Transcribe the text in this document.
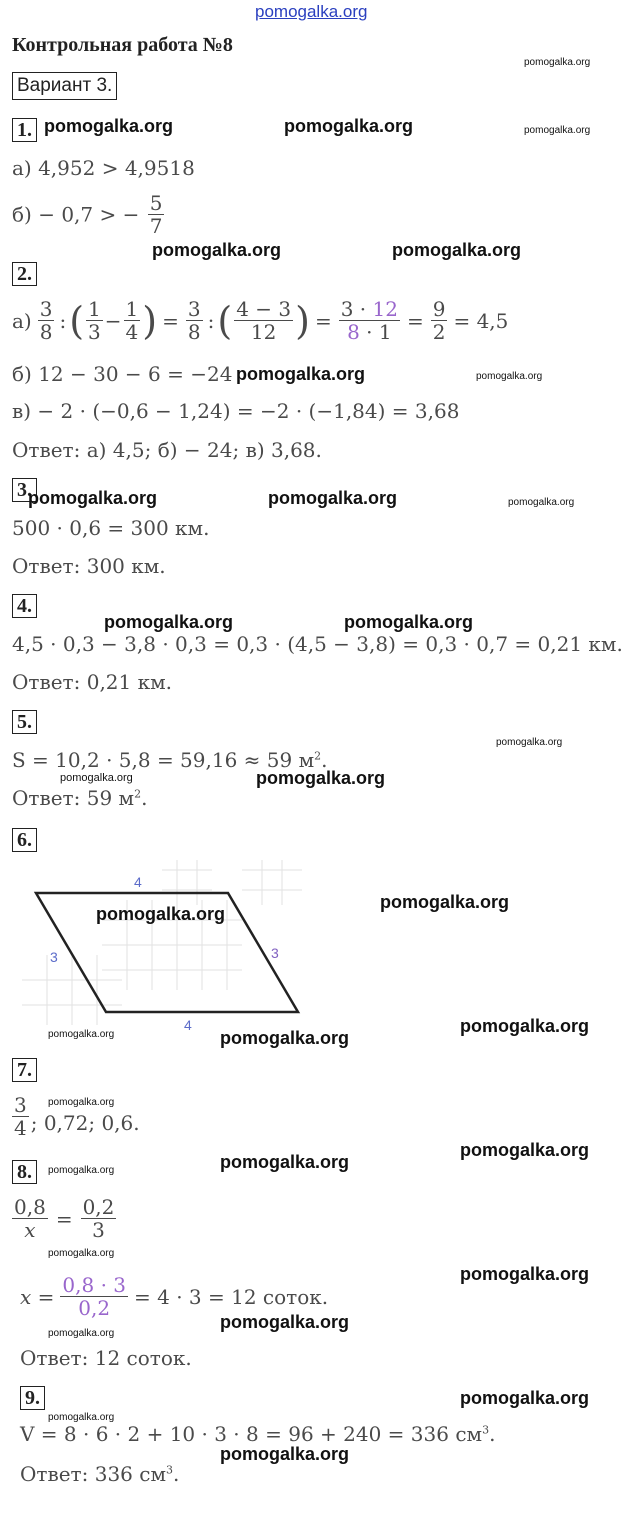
pomogalka.org
Контрольная работа №8
pomogalka.org
Вариант 3.
1. pomogalka.org	pomogalka.org	pomogalka.org
а) 4,952 > 4,9518
б) − 0,7 > − $\frac{5}{7}$
pomogalka.org	pomogalka.org
2.
$а) \frac{3}{8}$ : ( $\frac{1}{3} - \frac{1}{4}$ ) = $\frac{3}{8}$ : ( $\frac{4 - 3}{12}$ ) = $\frac{3 \cdot 12}{8 \cdot 1} = \frac{9}{2} = 4,5$
б) 12 − 30 − 6 = −24 pomogalka.org	pomogalka.org
в) − 2 · (−0,6 − 1,24) = −2 · (−1,84) = 3,68
Ответ: а) 4,5; б) − 24; в) 3,68.
3.
pomogalka.org	pomogalka.org	pomogalka.org
500 · 0,6 = 300 км.
Ответ: 300 км.
4.
pomogalka.org	pomogalka.org
4,5 · 0,3 − 3,8 · 0,3 = 0,3 · (4,5 − 3,8) = 0,3 · 0,7 = 0,21 км.
Ответ: 0,21 км.
5.
pomogalka.org
S = 10,2 · 5,8 = 59,16 ≈ 59 $м^2$.
pomogalka.org	pomogalka.org
Ответ: 59 $м^2$.
6.
4
3	3
4
pomogalka.org
pomogalka.org
pomogalka.org	pomogalka.org
pomogalka.org
7.
pomogalka.org
$\frac{3}{4}$ ; 0,72; 0,6.
pomogalka.org
8.	pomogalka.org	pomogalka.org
$\frac{0,8}{x} = \frac{0,2}{3}$
pomogalka.org
pomogalka.org
$x = \frac{0,8 \cdot 3}{0,2} = 4 \cdot 3 = 12$ соток.
pomogalka.org
pomogalka.org
Ответ: 12 соток.
9.	pomogalka.org
pomogalka.org
V = 8 · 6 · 2 + 10 · 3 · 8 = 96 + 240 = 336 $см^3$.
pomogalka.org
Ответ: 336 $см^3$.
